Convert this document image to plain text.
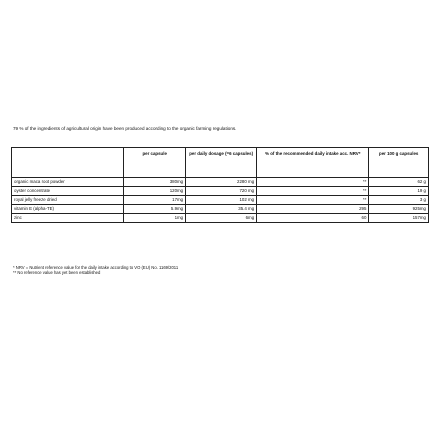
79 % of the ingredients of agricultural origin have been produced according to the organic farming regulations.
	per capsule	per daily dosage (=6 capsules)	% of the recommended daily intake acc. NRV*	per 100 g capsules
organic maca root powder	380mg	2280 mg	**	62 g
oyster concentrate	120mg	720 mg	**	19 g
royal jelly freeze dried	17mg	102 mg	**	3 g
vitamin E (alpha-TE)	5.9mg	35.4 mg	295	925mg
zinc	1mg	6mg	60	157mg
* NRV = Nutrient reference value for the daily intake according to VO (EU) No. 1169/2011
** No reference value has yet been established
